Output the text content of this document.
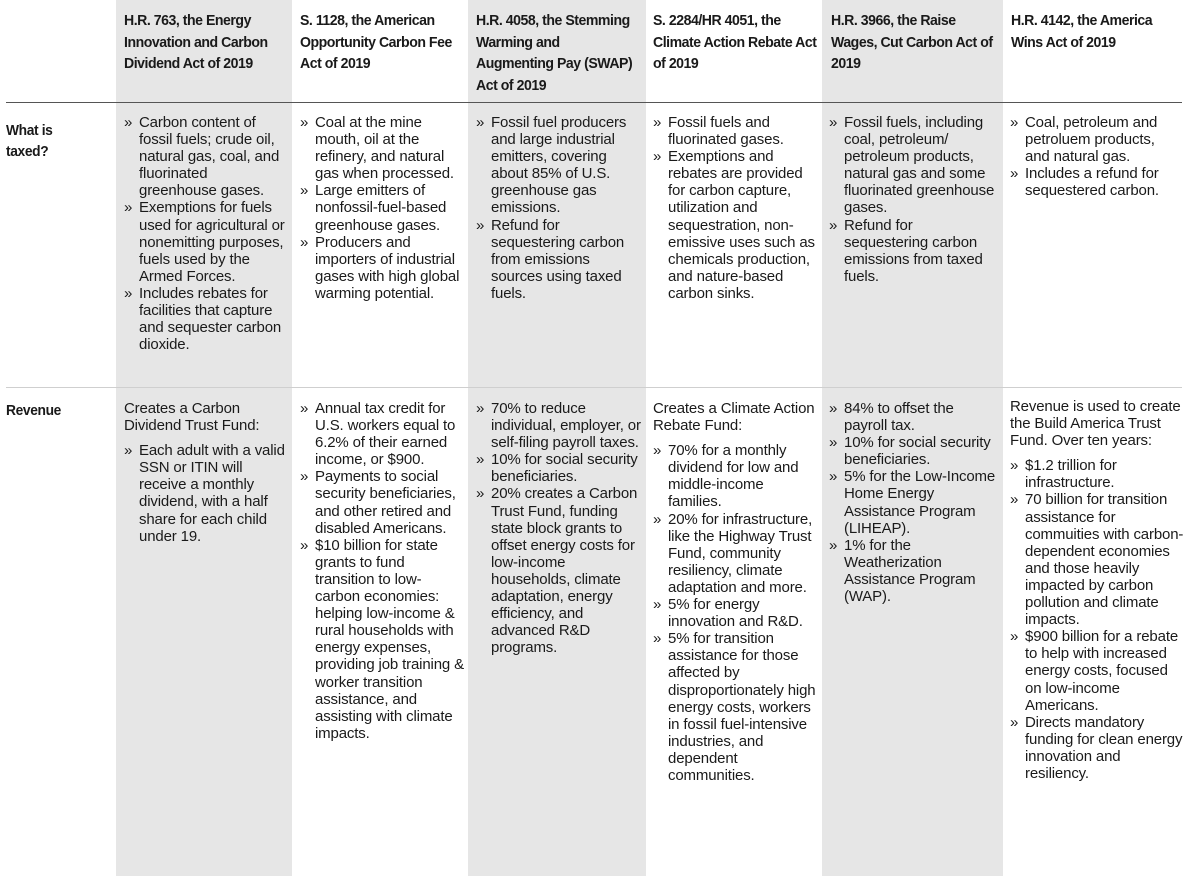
H.R. 763, the Energy Innovation and Carbon Dividend Act of 2019
S. 1128, the American Opportunity Carbon Fee Act of 2019
H.R. 4058, the Stemming Warming and Augmenting Pay (SWAP) Act of 2019
S. 2284/HR 4051, the Climate Action Rebate Act of 2019
H.R. 3966, the Raise Wages, Cut Carbon Act of 2019
H.R. 4142, the America Wins Act of 2019
What is taxed?
Revenue
» Carbon content of fossil fuels; crude oil, natural gas, coal, and fluorinated greenhouse gases.
» Exemptions for fuels used for agricultural or nonemitting purposes, fuels used by the Armed Forces.
» Includes rebates for facilities that capture and sequester carbon dioxide.
» Coal at the mine mouth, oil at the refinery, and natural gas when processed.
» Large emitters of nonfossil-fuel-based greenhouse gases.
» Producers and importers of industrial gases with high global warming potential.
» Fossil fuel producers and large industrial emitters, covering about 85% of U.S. greenhouse gas emissions.
» Refund for sequestering carbon from emissions sources using taxed fuels.
» Fossil fuels and fluorinated gases.
» Exemptions and rebates are provided for carbon capture, utilization and sequestration, non-emissive uses such as chemicals production, and nature-based carbon sinks.
» Fossil fuels, including coal, petroleum/ petroleum products, natural gas and some fluorinated greenhouse gases.
» Refund for sequestering carbon emissions from taxed fuels.
» Coal, petroleum and petroluem products, and natural gas.
» Includes a refund for sequestered carbon.
Creates a Carbon Dividend Trust Fund:
» Each adult with a valid SSN or ITIN will receive a monthly dividend, with a half share for each child under 19.
» Annual tax credit for U.S. workers equal to 6.2% of their earned income, or $900.
» Payments to social security beneficiaries, and other retired and disabled Americans.
» $10 billion for state grants to fund transition to low-carbon economies: helping low-income & rural households with energy expenses, providing job training & worker transition assistance, and assisting with climate impacts.
» 70% to reduce individual, employer, or self-filing payroll taxes.
» 10% for social security beneficiaries.
» 20% creates a Carbon Trust Fund, funding state block grants to offset energy costs for low-income households, climate adaptation, energy efficiency, and advanced R&D programs.
Creates a Climate Action Rebate Fund:
» 70% for a monthly dividend for low and middle-income families.
» 20% for infrastructure, like the Highway Trust Fund, community resiliency, climate adaptation and more.
» 5% for energy innovation and R&D.
» 5% for transition assistance for those affected by disproportionately high energy costs, workers in fossil fuel-intensive industries, and dependent communities.
» 84% to offset the payroll tax.
» 10% for social security beneficiaries.
» 5% for the Low-Income Home Energy Assistance Program (LIHEAP).
» 1% for the Weatherization Assistance Program (WAP).
Revenue is used to create the Build America Trust Fund. Over ten years:
» $1.2 trillion for infrastructure.
» 70 billion for transition assistance for commuities with carbon-dependent economies and those heavily impacted by carbon pollution and climate impacts.
» $900 billion for a rebate to help with increased energy costs, focused on low-income Americans.
» Directs mandatory funding for clean energy innovation and resiliency.
